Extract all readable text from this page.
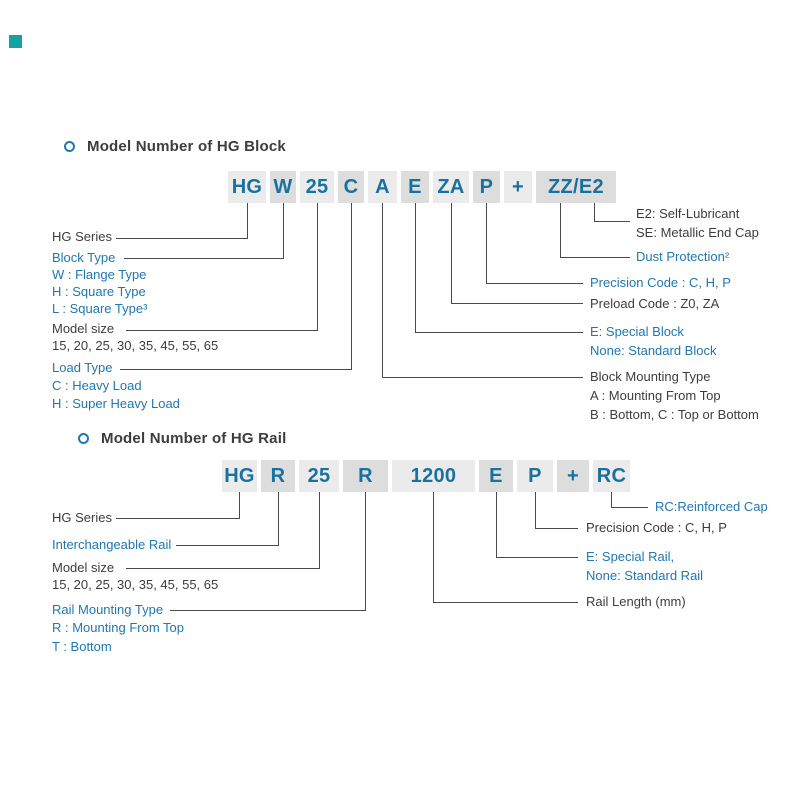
Model Number of HG Block
HG W 25 C A E ZA P +	ZZ/E2
HG Series
Block Type
W : Flange Type
H : Square Type
L : Square Type³
Model size
15, 20, 25, 30, 35, 45, 55, 65
Load Type
C : Heavy Load
H : Super Heavy Load
E2: Self-Lubricant
SE: Metallic End Cap
Dust Protection²
Precision Code : C, H, P
Preload Code : Z0, ZA
E: Special Block
None: Standard Block
Block Mounting Type
A : Mounting From Top
B : Bottom, C : Top or Bottom
Model Number of HG Rail
HG R	25	R	1200	E	P	+ RC
HG Series
Interchangeable Rail
Model size
15, 20, 25, 30, 35, 45, 55, 65
Rail Mounting Type
R : Mounting From Top
T : Bottom
RC:Reinforced Cap
Precision Code : C, H, P
E: Special Rail,
None: Standard Rail
Rail Length (mm)
